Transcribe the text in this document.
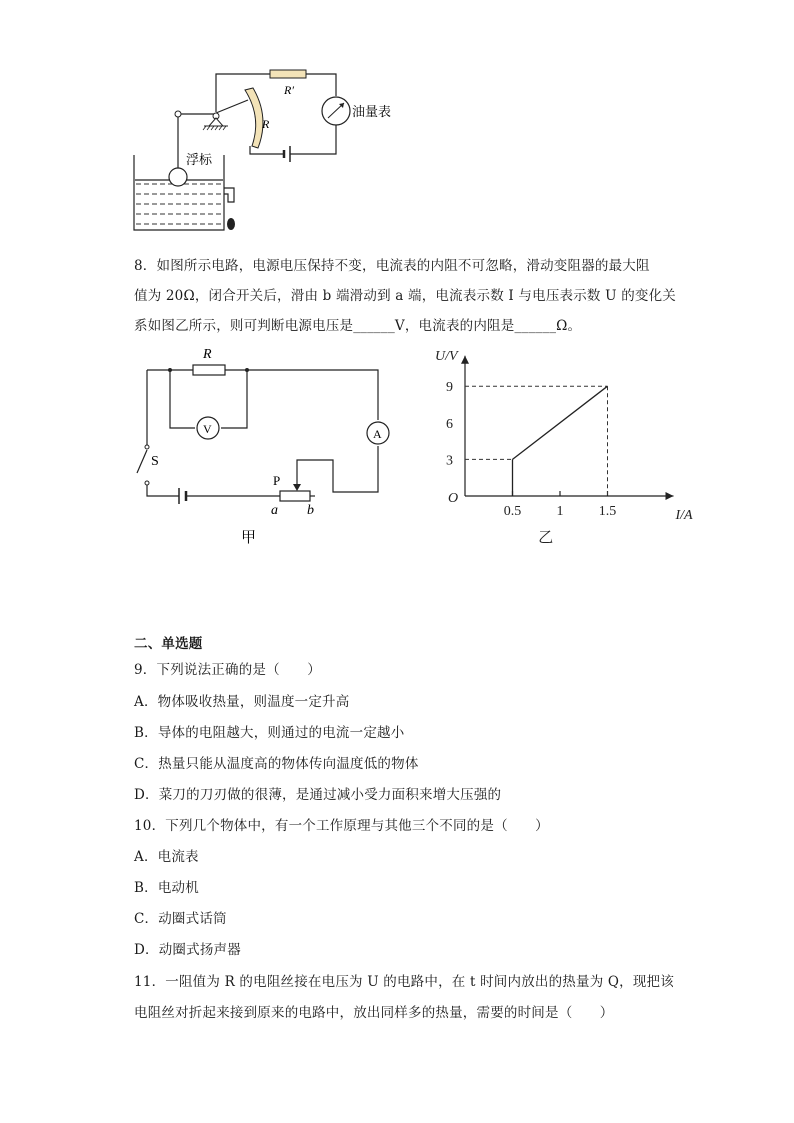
R′
R
油量表
浮标
8．如图所示电路，电源电压保持不变，电流表的内阻不可忽略，滑动变阻器的最大阻
值为 20Ω，闭合开关后，滑由 b 端滑动到 a 端，电流表示数 I 与电压表示数 U 的变化关
系如图乙所示，则可判断电源电压是______V，电流表的内阻是______Ω。
R
V	A
S
P
a b
甲
0.5	1	1.5
3
6
9
U/V
I/A
O
乙
二、单选题
9．下列说法正确的是（　　）
A．物体吸收热量，则温度一定升高
B．导体的电阻越大，则通过的电流一定越小
C．热量只能从温度高的物体传向温度低的物体
D．菜刀的刀刃做的很薄，是通过减小受力面积来增大压强的
10．下列几个物体中，有一个工作原理与其他三个不同的是（　　）
A．电流表
B．电动机
C．动圈式话筒
D．动圈式扬声器
11．一阻值为 R 的电阻丝接在电压为 U 的电路中，在 t 时间内放出的热量为 Q，现把该
电阻丝对折起来接到原来的电路中，放出同样多的热量，需要的时间是（　　）
